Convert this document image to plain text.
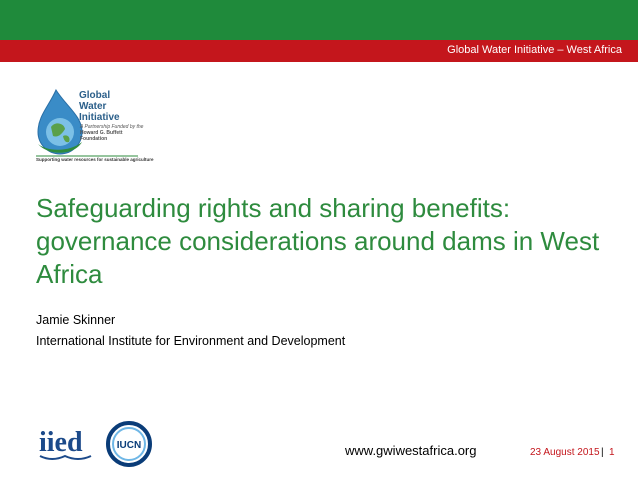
Global Water Initiative – West Africa
Global
Water
Initiative
A Partnership Funded by the
Howard G. Buffett
Foundation
Supporting water resources for sustainable agriculture
Safeguarding rights and sharing benefits: governance considerations around dams in West Africa
Jamie Skinner
International Institute for Environment and Development
iied	IUCN	www.gwiwestafrica.org	23 August 2015 | 1
